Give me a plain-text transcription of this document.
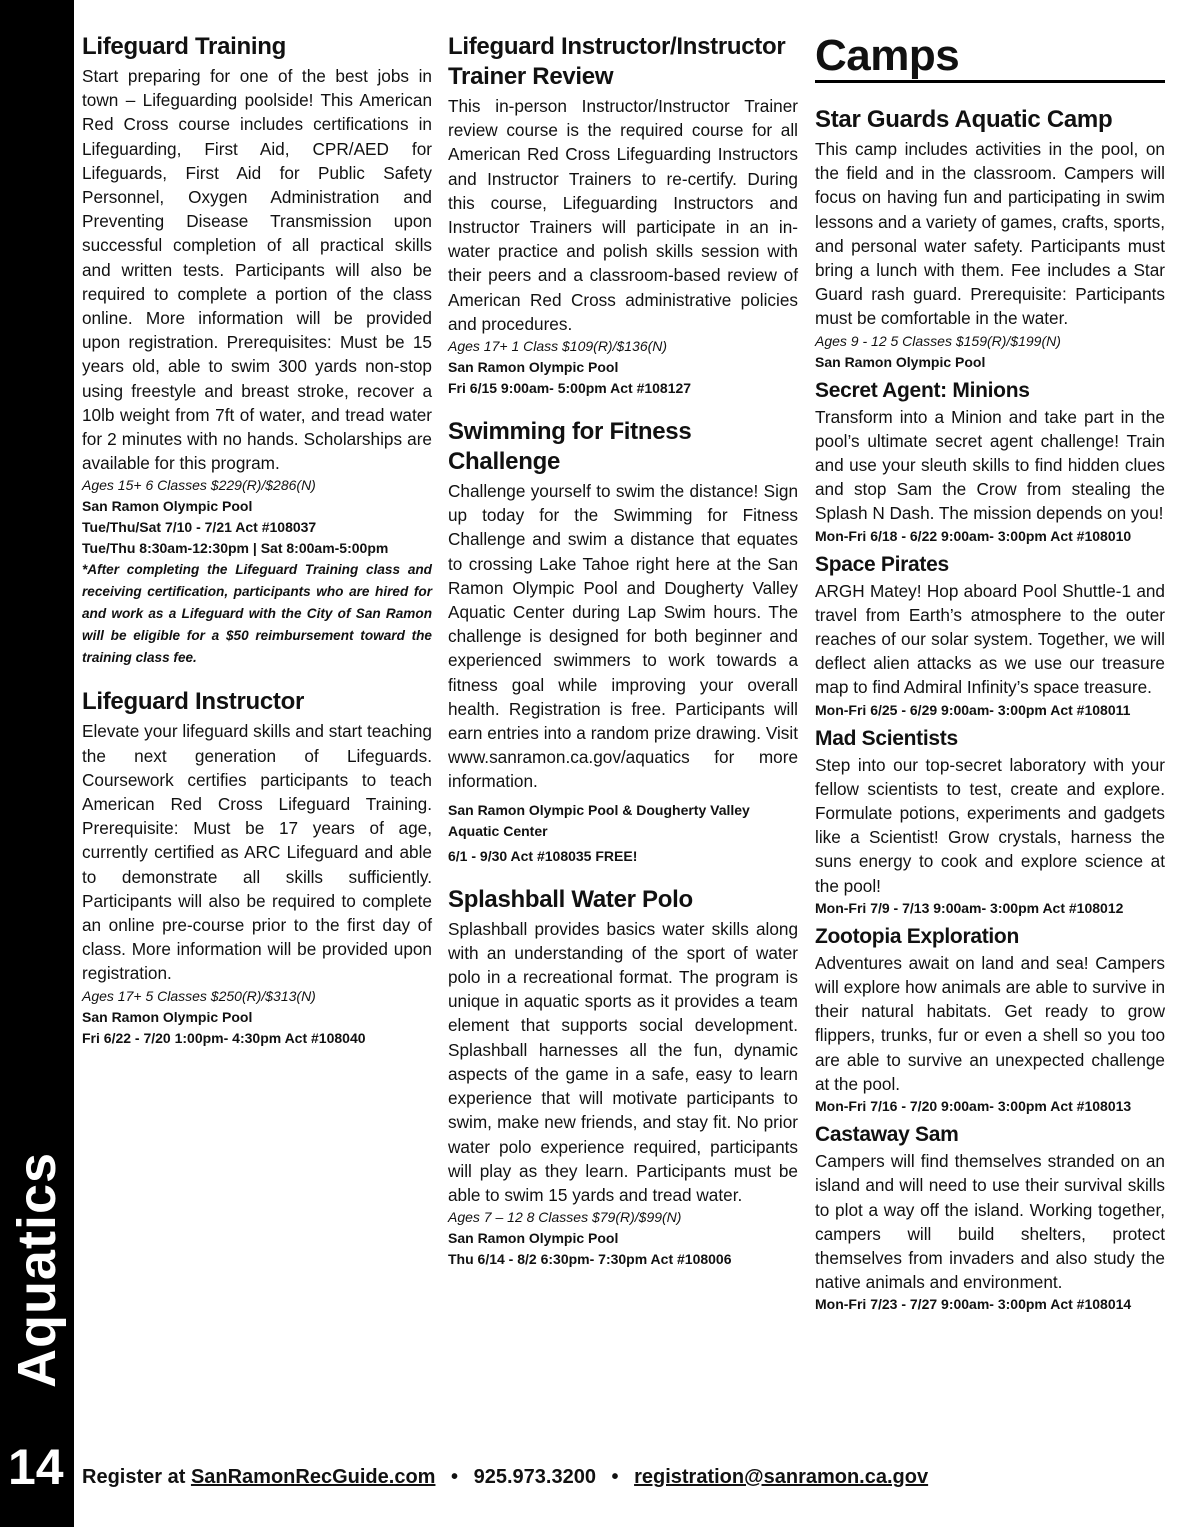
Aquatics
14
Lifeguard Training

Start preparing for one of the best jobs in town – Lifeguarding poolside! This American Red Cross course includes certifications in Lifeguarding, First Aid, CPR/AED for Lifeguards, First Aid for Public Safety Personnel, Oxygen Administration and Preventing Disease Transmission upon successful completion of all practical skills and written tests. Participants will also be required to complete a portion of the class online. More information will be provided upon registration. Prerequisites: Must be 15 years old, able to swim 300 yards non-stop using freestyle and breast stroke, recover a 10lb weight from 7ft of water, and tread water for 2 minutes with no hands. Scholarships are available for this program.

Ages 15+ 6 Classes $229(R)/$286(N)

San Ramon Olympic Pool

Tue/Thu/Sat 7/10 - 7/21 Act #108037

Tue/Thu 8:30am-12:30pm | Sat 8:00am-5:00pm

*After completing the Lifeguard Training class and receiving certification, participants who are hired for and work as a Lifeguard with the City of San Ramon will be eligible for a $50 reimbursement toward the training class fee.

Lifeguard Instructor

Elevate your lifeguard skills and start teaching the next generation of Lifeguards. Coursework certifies participants to teach American Red Cross Lifeguard Training. Prerequisite: Must be 17 years of age, currently certified as ARC Lifeguard and able to demonstrate all skills sufficiently. Participants will also be required to complete an online pre-course prior to the first day of class. More information will be provided upon registration.

Ages 17+ 5 Classes $250(R)/$313(N)

San Ramon Olympic Pool

Fri 6/22 - 7/20 1:00pm- 4:30pm Act #108040

Lifeguard Instructor/Instructor Trainer Review

This in-person Instructor/Instructor Trainer review course is the required course for all American Red Cross Lifeguarding Instructors and Instructor Trainers to re-certify. During this course, Lifeguarding Instructors and Instructor Trainers will participate in an in-water practice and polish skills session with their peers and a classroom-based review of American Red Cross administrative policies and procedures.

Ages 17+ 1 Class $109(R)/$136(N)

San Ramon Olympic Pool

Fri 6/15 9:00am- 5:00pm Act #108127

Swimming for Fitness Challenge

Challenge yourself to swim the distance! Sign up today for the Swimming for Fitness Challenge and swim a distance that equates to crossing Lake Tahoe right here at the San Ramon Olympic Pool and Dougherty Valley Aquatic Center during Lap Swim hours. The challenge is designed for both beginner and experienced swimmers to work towards a fitness goal while improving your overall health. Registration is free. Participants will earn entries into a random prize drawing. Visit www.sanramon.ca.gov/aquatics for more information.

San Ramon Olympic Pool & Dougherty Valley Aquatic Center

6/1 - 9/30 Act #108035 FREE!

Splashball Water Polo

Splashball provides basics water skills along with an understanding of the sport of water polo in a recreational format. The program is unique in aquatic sports as it provides a team element that supports social development. Splashball harnesses all the fun, dynamic aspects of the game in a safe, easy to learn experience that will motivate participants to swim, make new friends, and stay fit. No prior water polo experience required, participants will play as they learn. Participants must be able to swim 15 yards and tread water.

Ages 7 – 12 8 Classes $79(R)/$99(N)

San Ramon Olympic Pool

Thu 6/14 - 8/2 6:30pm- 7:30pm Act #108006

Camps
Star Guards Aquatic Camp

This camp includes activities in the pool, on the field and in the classroom. Campers will focus on having fun and participating in swim lessons and a variety of games, crafts, sports, and personal water safety. Participants must bring a lunch with them. Fee includes a Star Guard rash guard. Prerequisite: Participants must be comfortable in the water.

Ages 9 - 12 5 Classes $159(R)/$199(N)

San Ramon Olympic Pool

Secret Agent: Minions

Transform into a Minion and take part in the pool’s ultimate secret agent challenge! Train and use your sleuth skills to find hidden clues and stop Sam the Crow from stealing the Splash N Dash. The mission depends on you!

Mon-Fri 6/18 - 6/22 9:00am- 3:00pm Act #108010

Space Pirates

ARGH Matey! Hop aboard Pool Shuttle-1 and travel from Earth’s atmosphere to the outer reaches of our solar system. Together, we will deflect alien attacks as we use our treasure map to find Admiral Infinity’s space treasure.

Mon-Fri 6/25 - 6/29 9:00am- 3:00pm Act #108011

Mad Scientists

Step into our top-secret laboratory with your fellow scientists to test, create and explore. Formulate potions, experiments and gadgets like a Scientist! Grow crystals, harness the suns energy to cook and explore science at the pool!

Mon-Fri 7/9 - 7/13 9:00am- 3:00pm Act #108012

Zootopia Exploration

Adventures await on land and sea! Campers will explore how animals are able to survive in their natural habitats. Get ready to grow flippers, trunks, fur or even a shell so you too are able to survive an unexpected challenge at the pool.

Mon-Fri 7/16 - 7/20 9:00am- 3:00pm Act #108013

Castaway Sam

Campers will find themselves stranded on an island and will need to use their survival skills to plot a way off the island. Working together, campers will build shelters, protect themselves from invaders and also study the native animals and environment.

Mon-Fri 7/23 - 7/27 9:00am- 3:00pm Act #108014

Register at SanRamonRecGuide.com • 925.973.3200 • registration@sanramon.ca.gov
